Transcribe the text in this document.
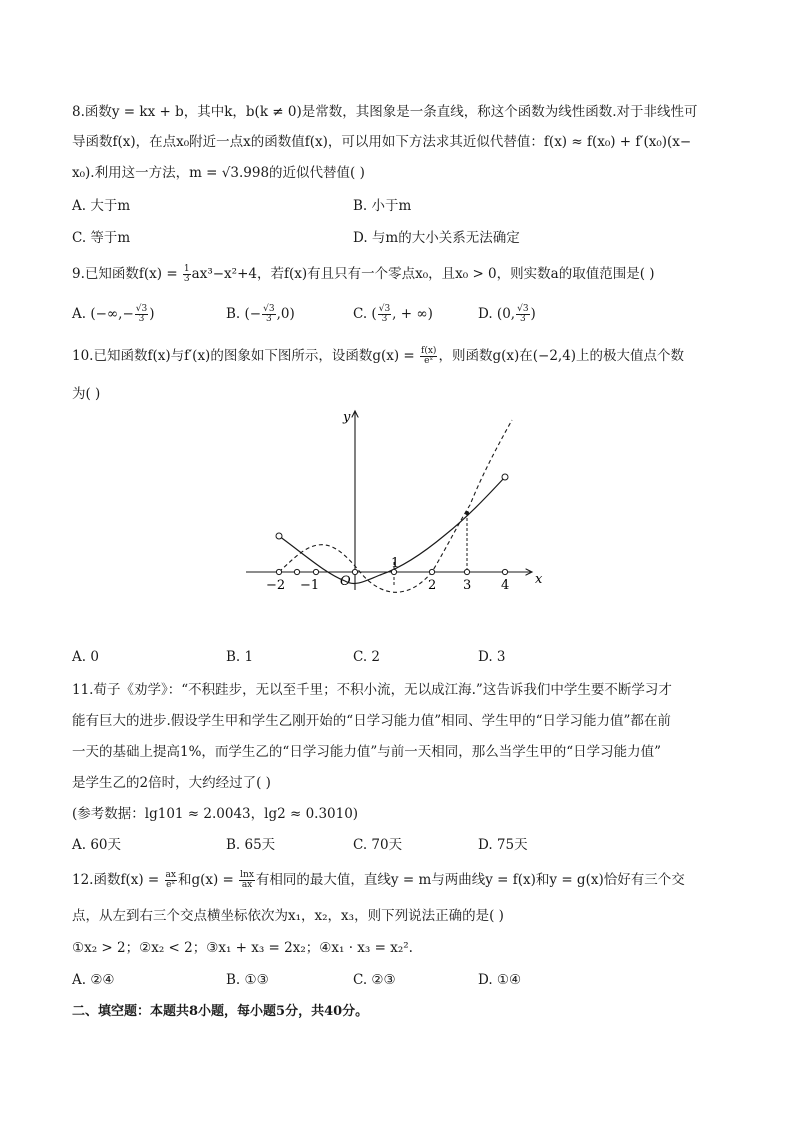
8.函数y = kx + b，其中k，b(k ≠ 0)是常数，其图象是一条直线，称这个函数为线性函数.对于非线性可
导函数f(x)，在点x₀附近一点x的函数值f(x)，可以用如下方法求其近似代替值：f(x) ≈ f(x₀) + f′(x₀)(x−
x₀).利用这一方法，m = √3.998的近似代替值( )
A. 大于m	B. 小于m
C. 等于m	D. 与m的大小关系无法确定
9.已知函数$f(x) = \frac{1}{3} ax^3-x^2+4$，若f(x)有且只有一个零点x₀，且x₀ > 0，则实数a的取值范围是( )
A. (−∞,− $\frac{√3}{3}$ )	B. (− $\frac{√3}{3} ,0$)	C. ( $\frac{√3}{3}$ , + ∞)	D. (0, $\frac{√3}{3}$ )
10.已知函数f(x)与f′(x)的图象如下图所示，设函数$g(x) = \frac{f(x)}{\text{eˣ}}$ ，则函数g(x)在(−2,4)上的极大值点个数
为( )
y
x
O
−2 −1
1
2 3 4
A. 0	B. 1	C. 2	D. 3
11.荀子《劝学》：“不积跬步，无以至千里；不积小流，无以成江海.”这告诉我们中学生要不断学习才
能有巨大的进步.假设学生甲和学生乙刚开始的“日学习能力值”相同、学生甲的“日学习能力值”都在前
一天的基础上提高1%，而学生乙的“日学习能力值”与前一天相同，那么当学生甲的“日学习能力值”
是学生乙的2倍时，大约经过了( )
(参考数据：lg101 ≈ 2.0043，lg2 ≈ 0.3010)
A. 60天	B. 65天	C. 70天	D. 75天
12.函数$f(x) = \frac{ax}{\text{eˣ}}$ 和$g(x) = \frac{\ln x}{ax}$ 有相同的最大值，直线y = m与两曲线y = f(x)和y = g(x)恰好有三个交
点，从左到右三个交点横坐标依次为x₁，x₂，x₃，则下列说法正确的是( )
①x₂ > 2；②x₂ < 2；③x₁ + x₃ = 2x₂；④x₁ · x₃ = x₂².
A. ②④	B. ①③	C. ②③	D. ①④
二、填空题：本题共8小题，每小题5分，共40分。
